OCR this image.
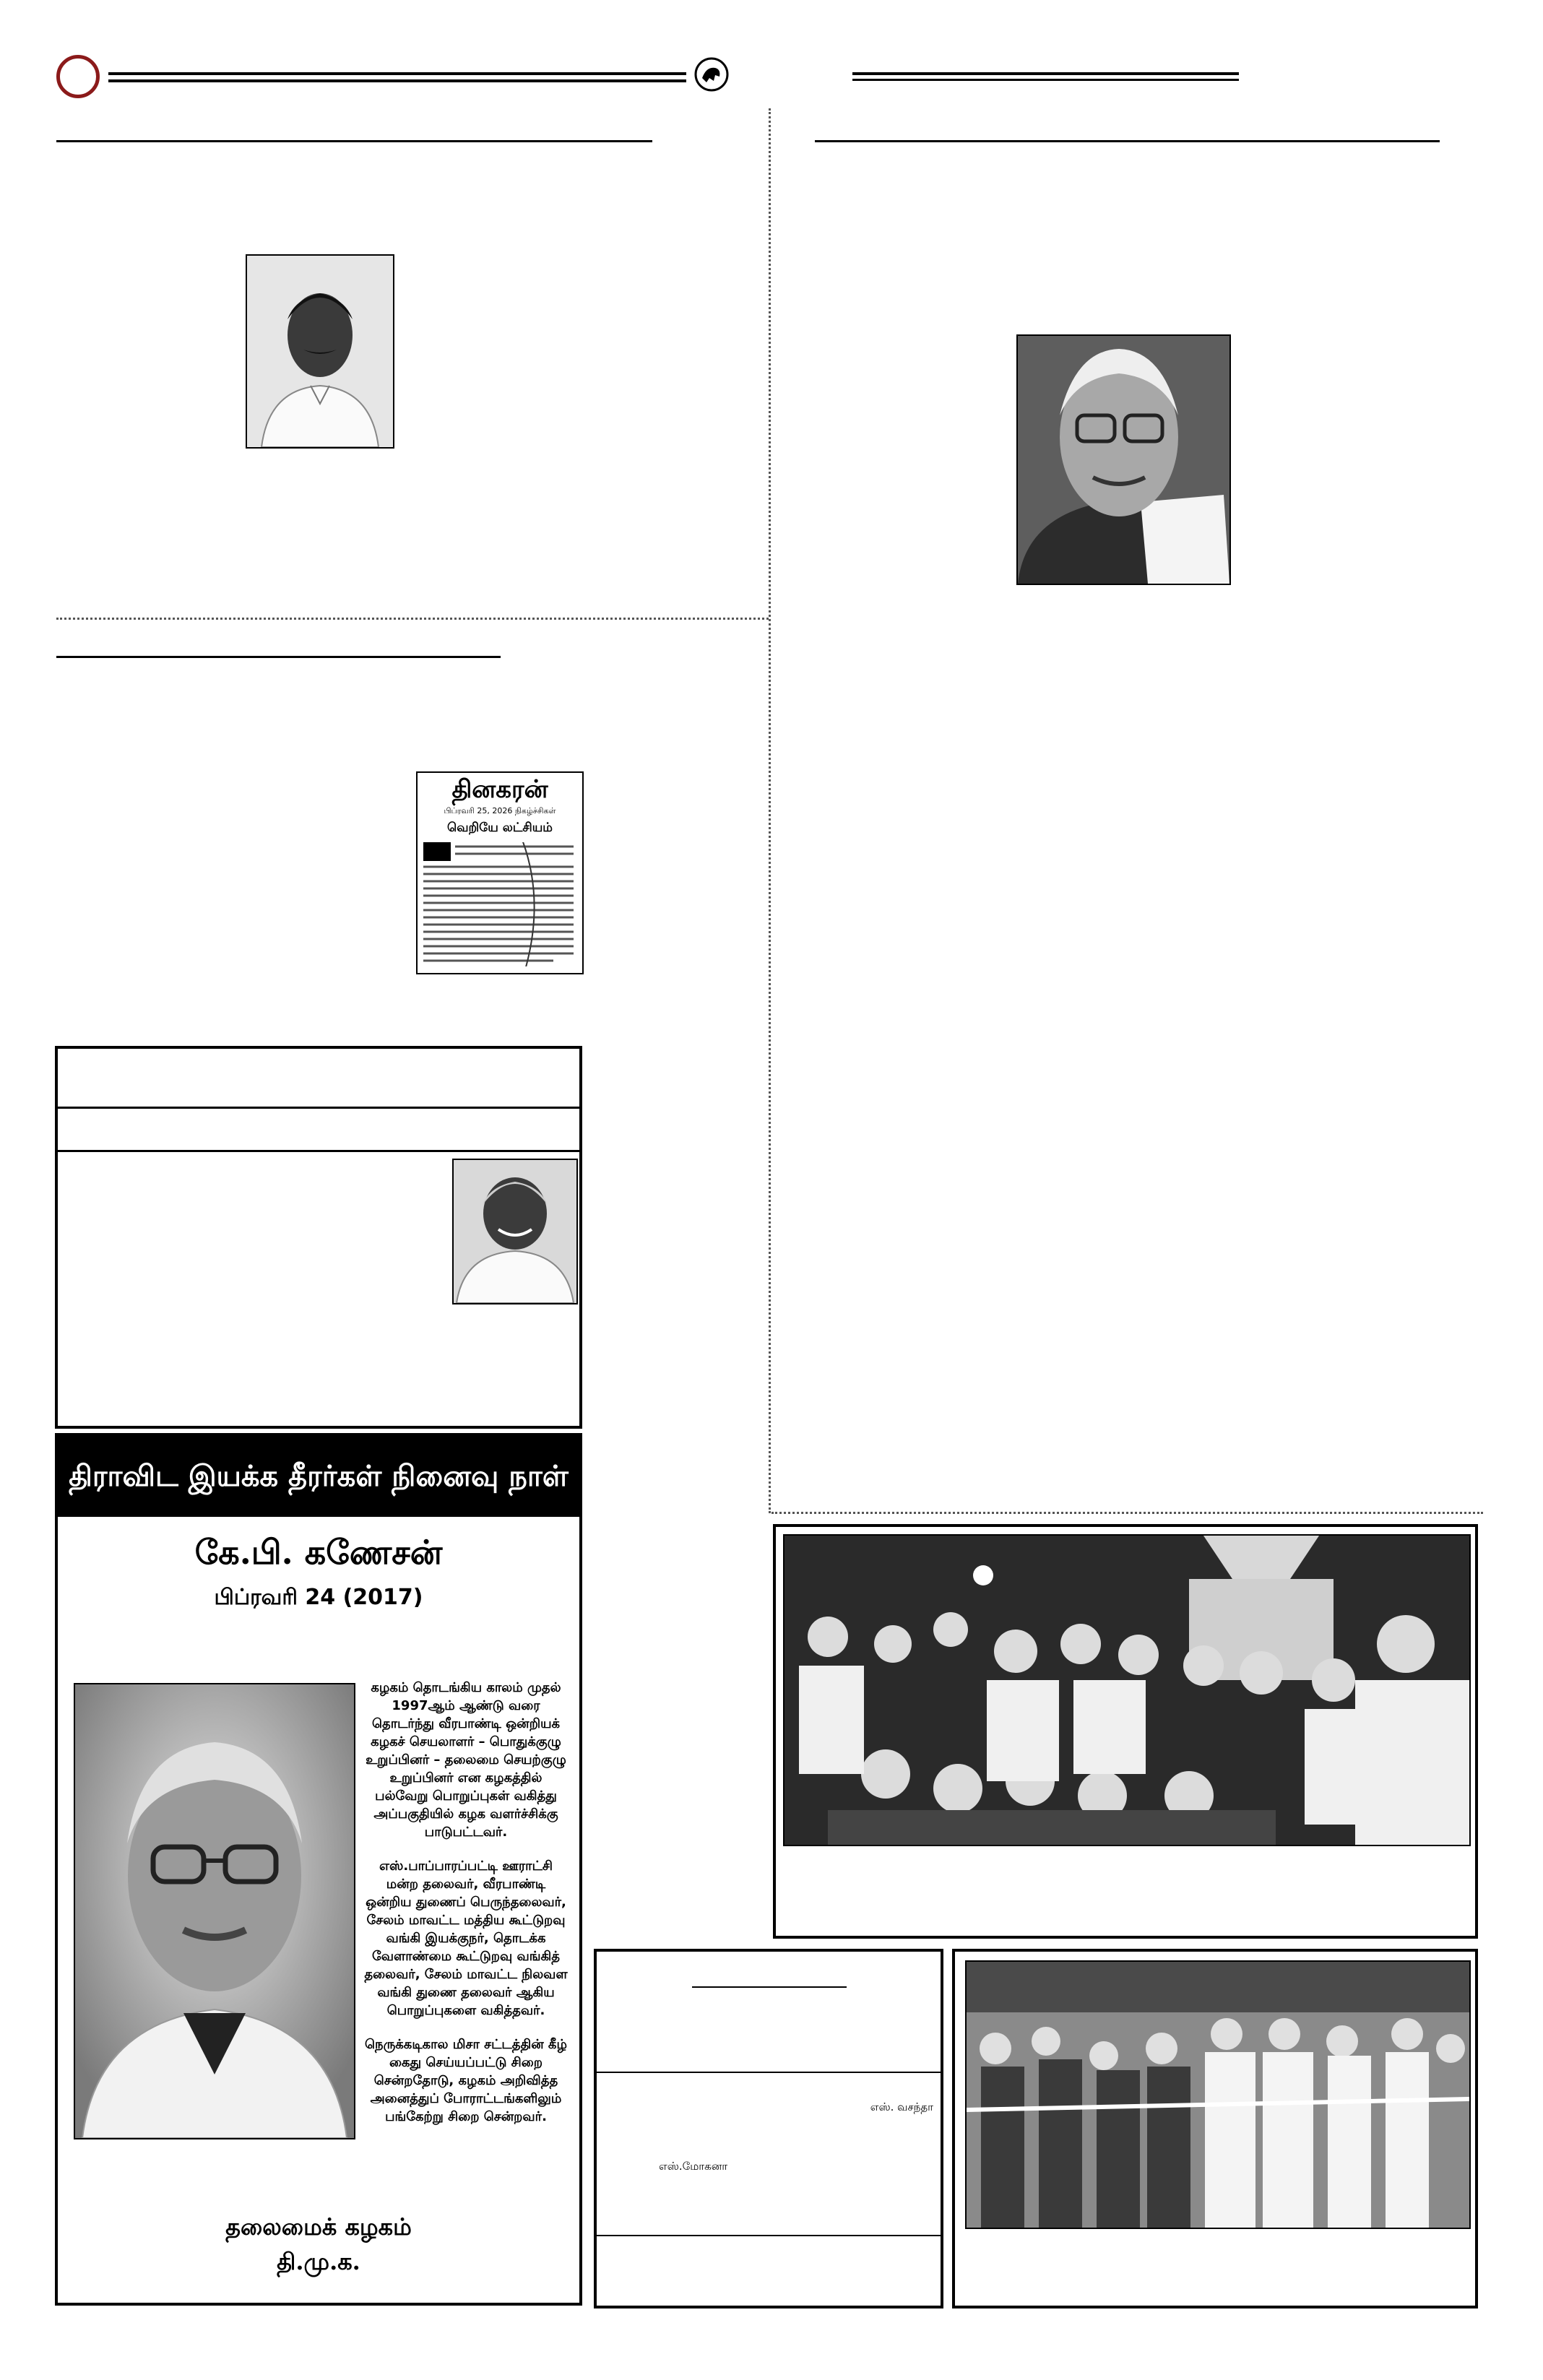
தினகரன்
பிப்ரவரி 25, 2026 நிகழ்ச்சிகள்
வெறியே லட்சியம்
திராவிட இயக்க தீரர்கள் நினைவு நாள்
கே.பி. கணேசன்
பிப்ரவரி 24 (2017)

கழகம் தொடங்கிய காலம் முதல் 1997ஆம் ஆண்டு வரை தொடர்ந்து வீரபாண்டி ஒன்றியக் கழகச் செயலாளர் – பொதுக்குழு உறுப்பினர் – தலைமை செயற்குழு உறுப்பினர் என கழகத்தில் பல்வேறு பொறுப்புகள் வகித்து அப்பகுதியில் கழக வளர்ச்சிக்கு பாடுபட்டவர்.

எஸ்.பாப்பாரப்பட்டி ஊராட்சி மன்ற தலைவர், வீரபாண்டி ஒன்றிய துணைப் பெருந்தலைவர், சேலம் மாவட்ட மத்திய கூட்டுறவு வங்கி இயக்குநர், தொடக்க வேளாண்மை கூட்டுறவு வங்கித் தலைவர், சேலம் மாவட்ட நிலவள வங்கி துணை தலைவர் ஆகிய பொறுப்புகளை வகித்தவர்.

நெருக்கடிகால மிசா சட்டத்தின் கீழ் கைது செய்யப்பட்டு சிறை சென்றதோடு, கழகம் அறிவித்த அனைத்துப் போராட்டங்களிலும் பங்கேற்று சிறை சென்றவர்.

தலைமைக் கழகம்
தி.மு.க.
எஸ். வசந்தா
எஸ்.மோகனா
